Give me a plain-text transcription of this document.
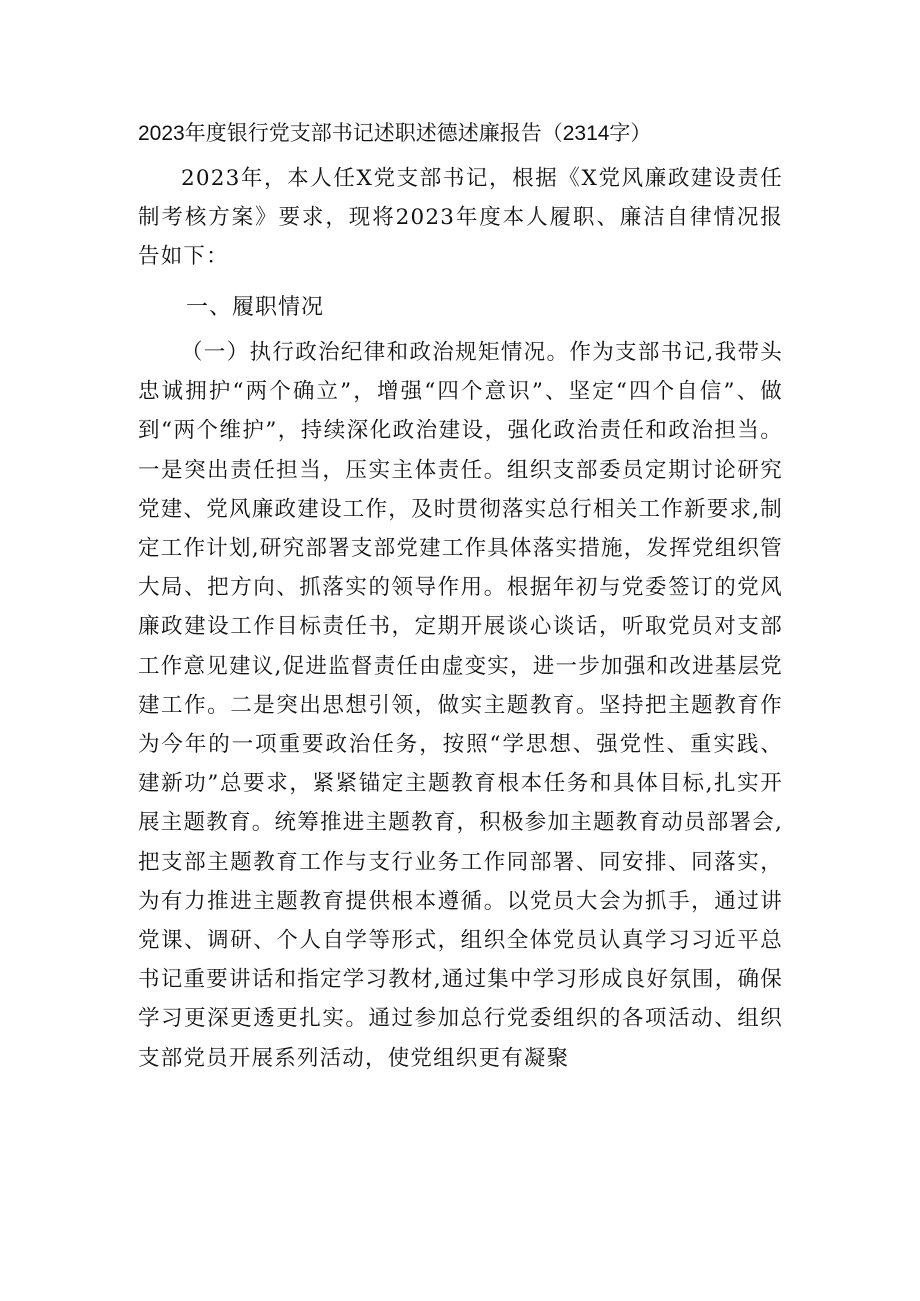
2023年度银行党支部书记述职述德述廉报告（2314字）

2023年，本人任X党支部书记，根据《X党风廉政建设责任制考核方案》要求，现将2023年度本人履职、廉洁自律情况报告如下：

一、履职情况

（一）执行政治纪律和政治规矩情况。作为支部书记,我带头忠诚拥护“两个确立”，增强“四个意识”、坚定“四个自信”、做到“两个维护”，持续深化政治建设，强化政治责任和政治担当。一是突出责任担当，压实主体责任。组织支部委员定期讨论研究党建、党风廉政建设工作，及时贯彻落实总行相关工作新要求,制定工作计划,研究部署支部党建工作具体落实措施，发挥党组织管大局、把方向、抓落实的领导作用。根据年初与党委签订的党风廉政建设工作目标责任书，定期开展谈心谈话，听取党员对支部工作意见建议,促进监督责任由虚变实，进一步加强和改进基层党建工作。二是突出思想引领，做实主题教育。坚持把主题教育作为今年的一项重要政治任务，按照“学思想、强党性、重实践、建新功”总要求，紧紧锚定主题教育根本任务和具体目标,扎实开展主题教育。统筹推进主题教育，积极参加主题教育动员部署会,把支部主题教育工作与支行业务工作同部署、同安排、同落实，为有力推进主题教育提供根本遵循。以党员大会为抓手，通过讲党课、调研、个人自学等形式，组织全体党员认真学习习近平总书记重要讲话和指定学习教材,通过集中学习形成良好氛围，确保学习更深更透更扎实。通过参加总行党委组织的各项活动、组织支部党员开展系列活动，使党组织更有凝聚
